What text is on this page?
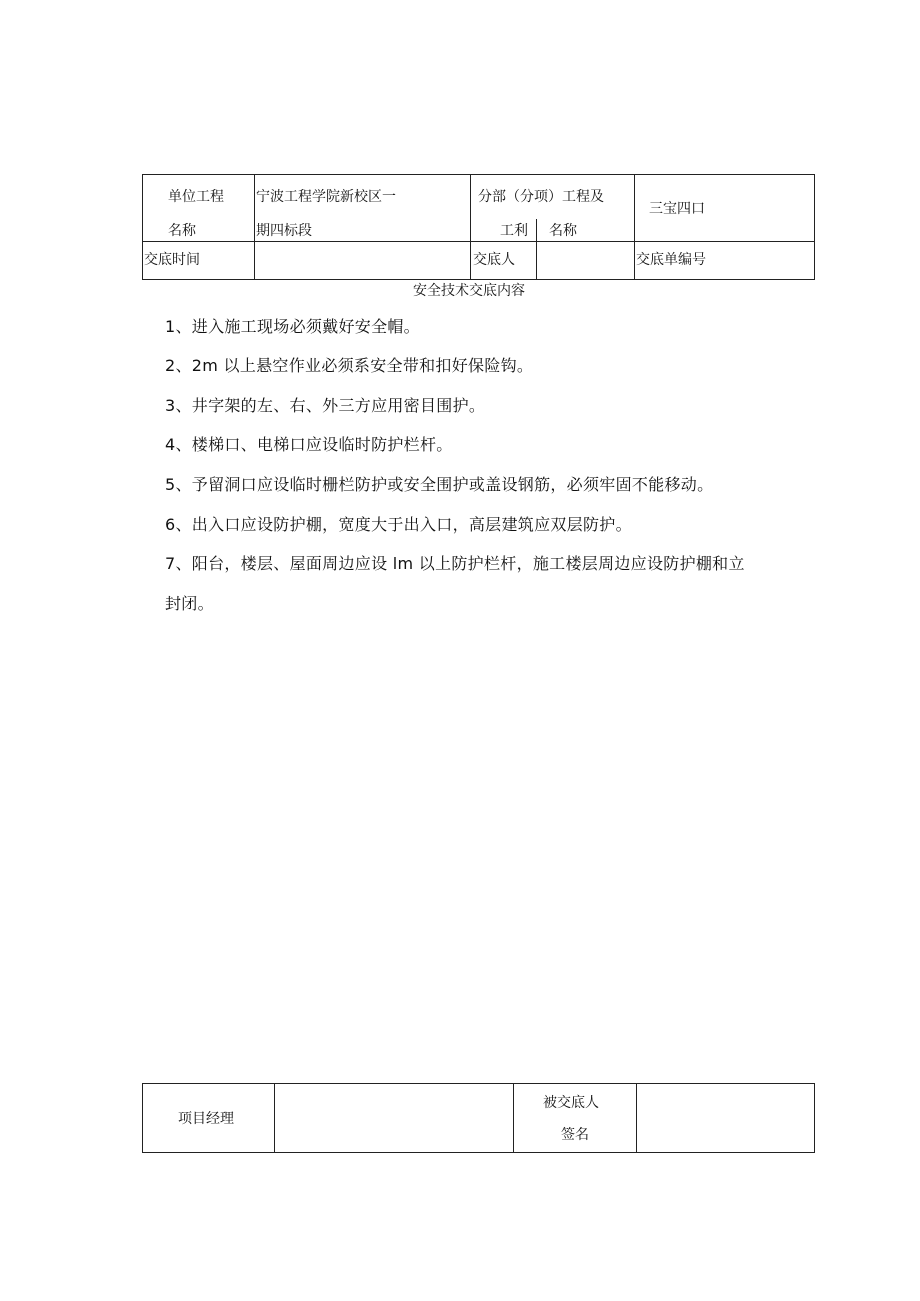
单位工程
名称
宁波工程学院新校区一
期四标段
分部（分项）工程及
工利 名称
三宝四口
交底时间	交底人	交底单编号
安全技术交底内容
1、进入施工现场必须戴好安全帽。
2、2m 以上悬空作业必须系安全带和扣好保险钩。
3、井字架的左、右、外三方应用密目围护。
4、楼梯口、电梯口应设临时防护栏杆。
5、予留洞口应设临时栅栏防护或安全围护或盖设钢筋，必须牢固不能移动。
6、出入口应设防护棚，宽度大于出入口，高层建筑应双层防护。
7、阳台，楼层、屋面周边应设 lm 以上防护栏杆，施工楼层周边应设防护棚和立
封闭。
项目经理
被交底人
签名
